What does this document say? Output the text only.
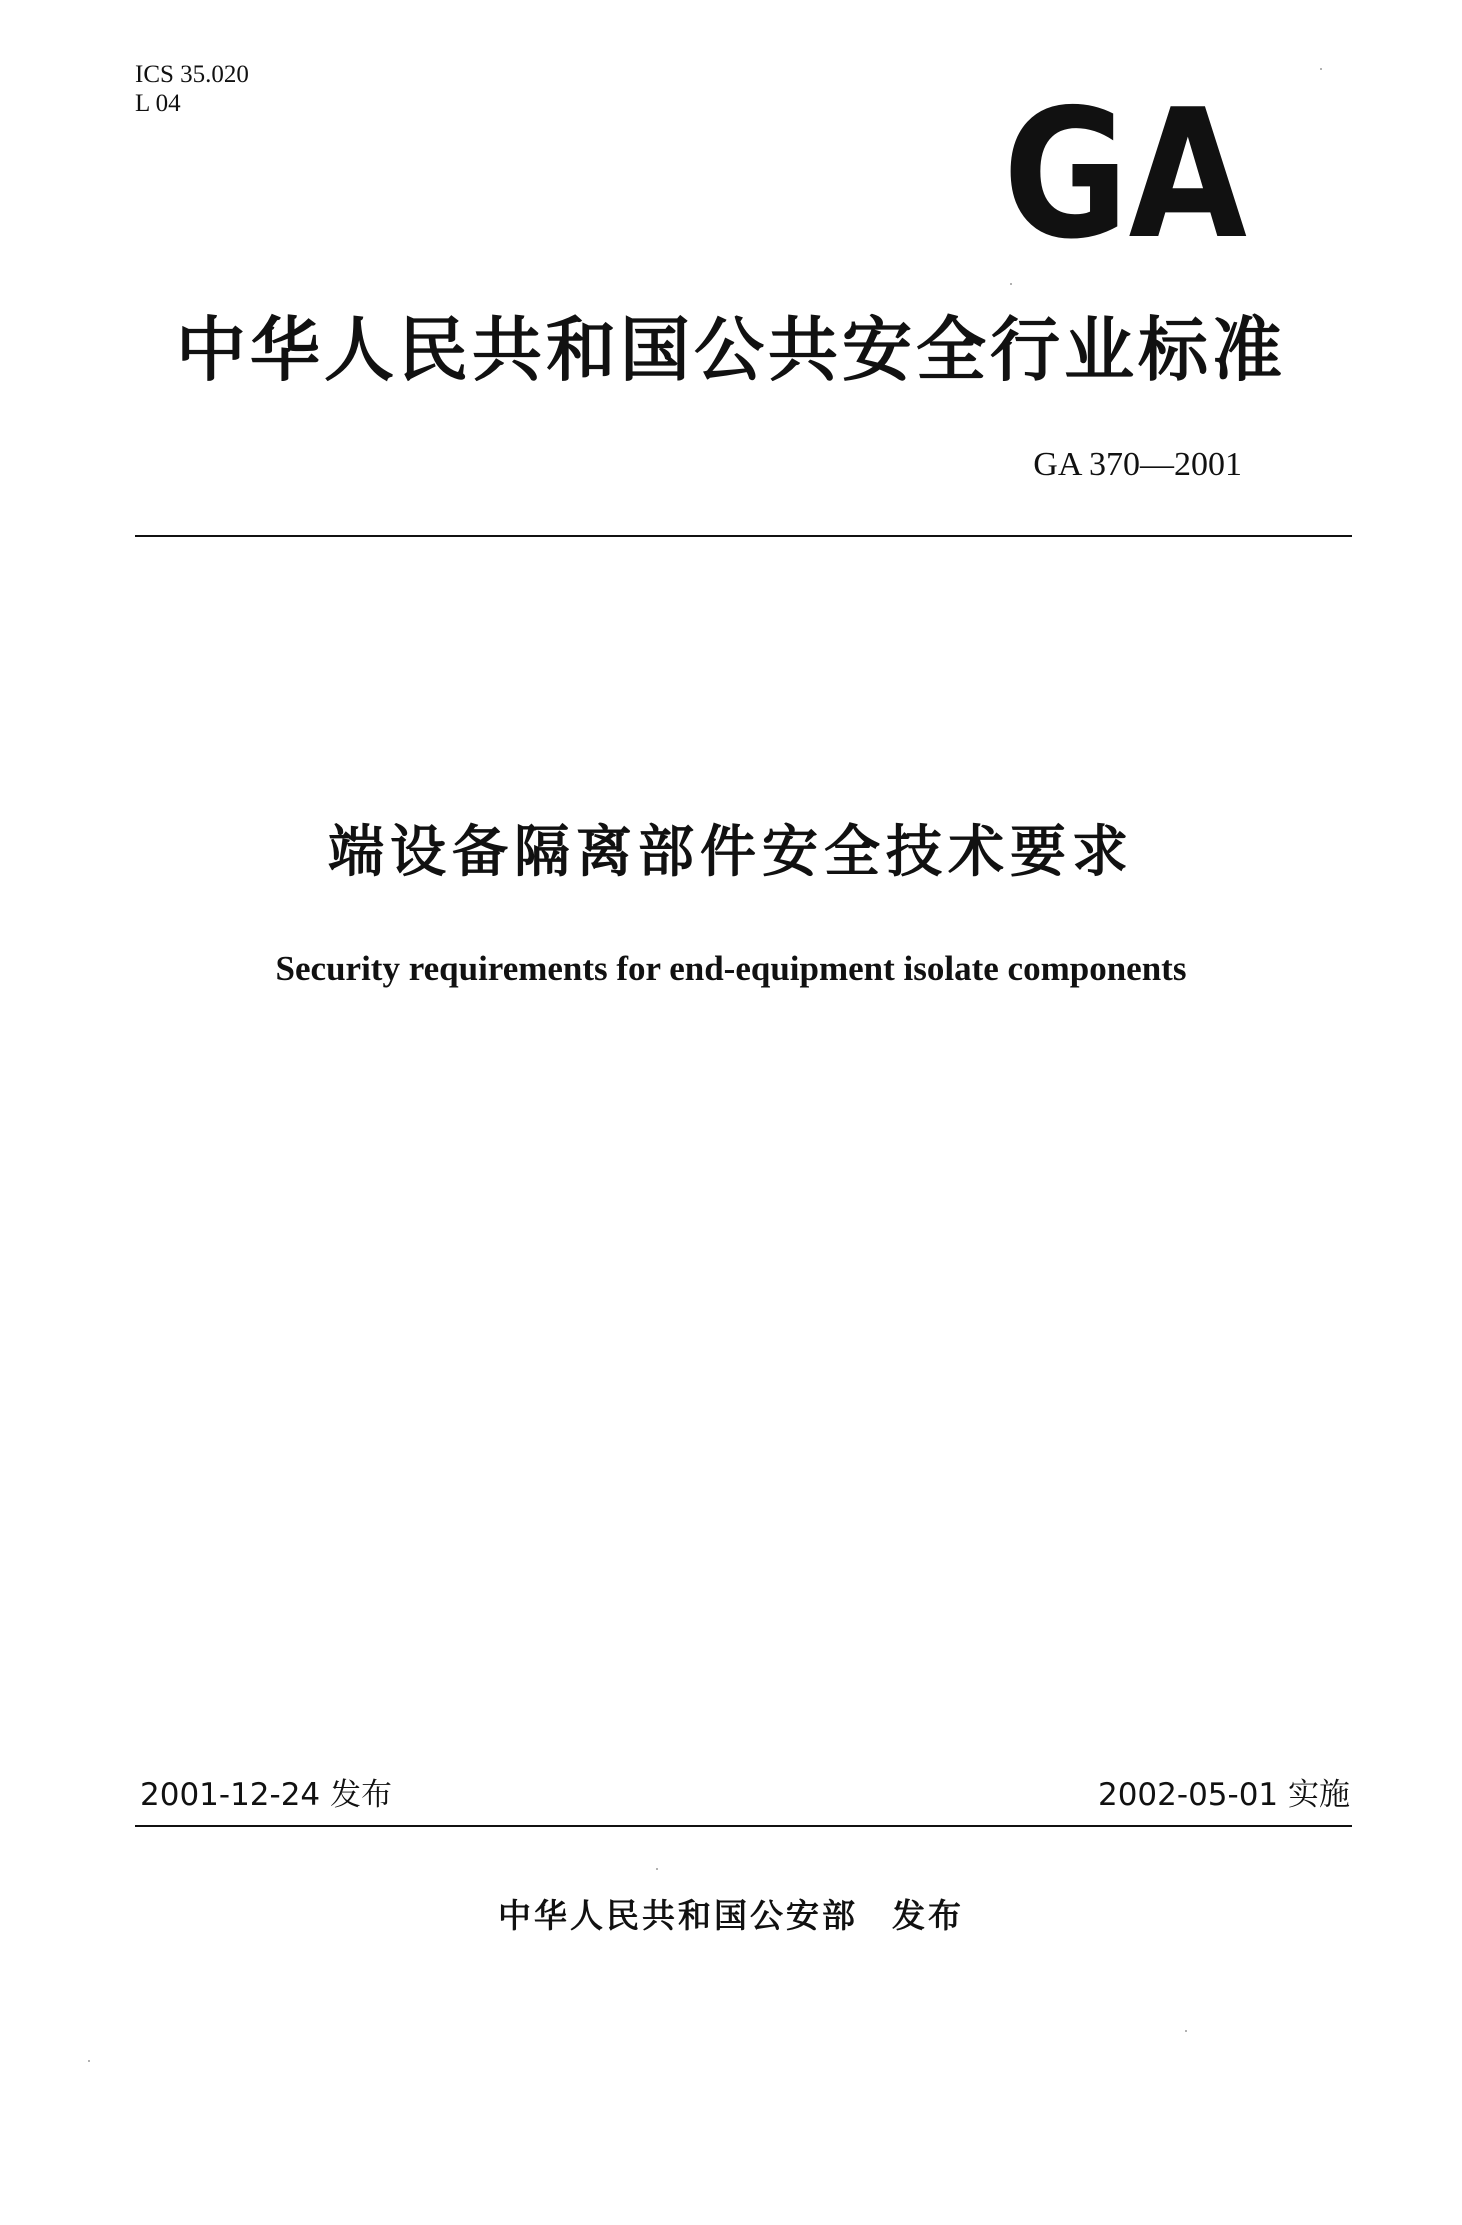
ICS 35.020
L 04	GA
中华人民共和国公共安全行业标准
GA 370—2001
端设备隔离部件安全技术要求
Security requirements for end-equipment isolate components
2001-12-24 发布	2002-05-01 实施
中华人民共和国公安部 发布
